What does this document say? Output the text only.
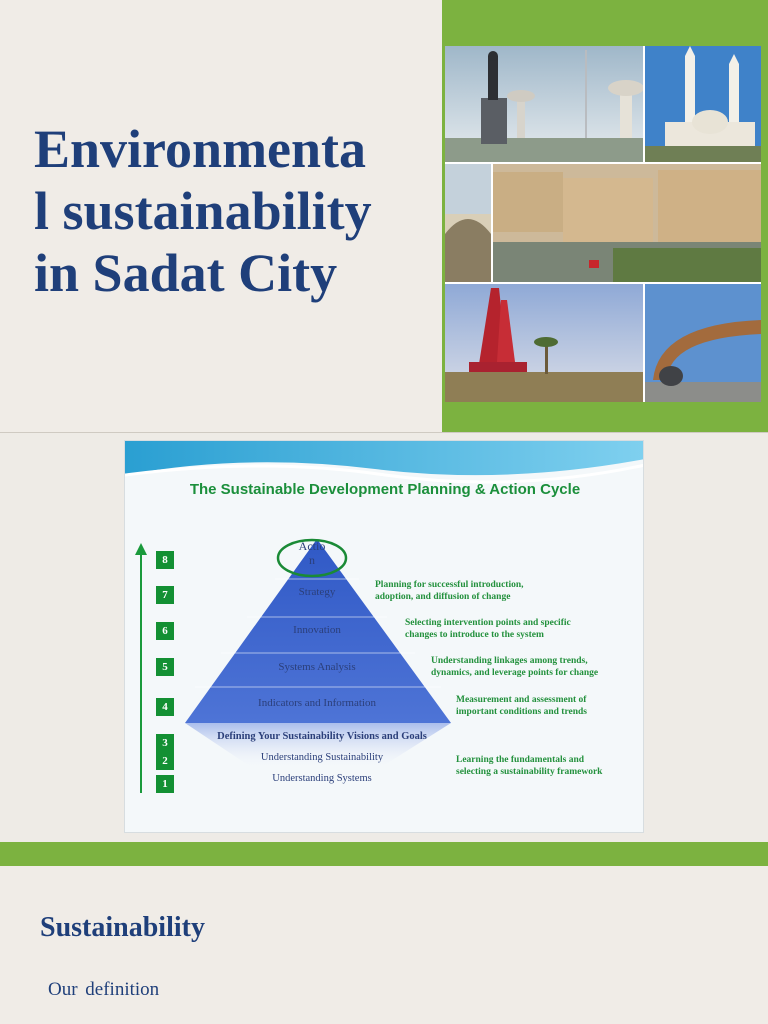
Environmenta
l sustainability
in Sadat City
The Sustainable Development Planning & Action Cycle
8
7
6
5
4
3
2
1
Actio
n
Strategy
Innovation
Systems Analysis
Indicators and Information
Defining Your Sustainability Visions and Goals
Understanding Sustainability
Understanding Systems
Planning for successful introduction,
adoption, and diffusion of change
Selecting intervention points and specific
changes to introduce to the system
Understanding linkages among trends,
dynamics, and leverage points for change
Measurement and assessment of
important conditions and trends
Learning the fundamentals and
selecting a sustainability framework
Sustainability

Our definition
